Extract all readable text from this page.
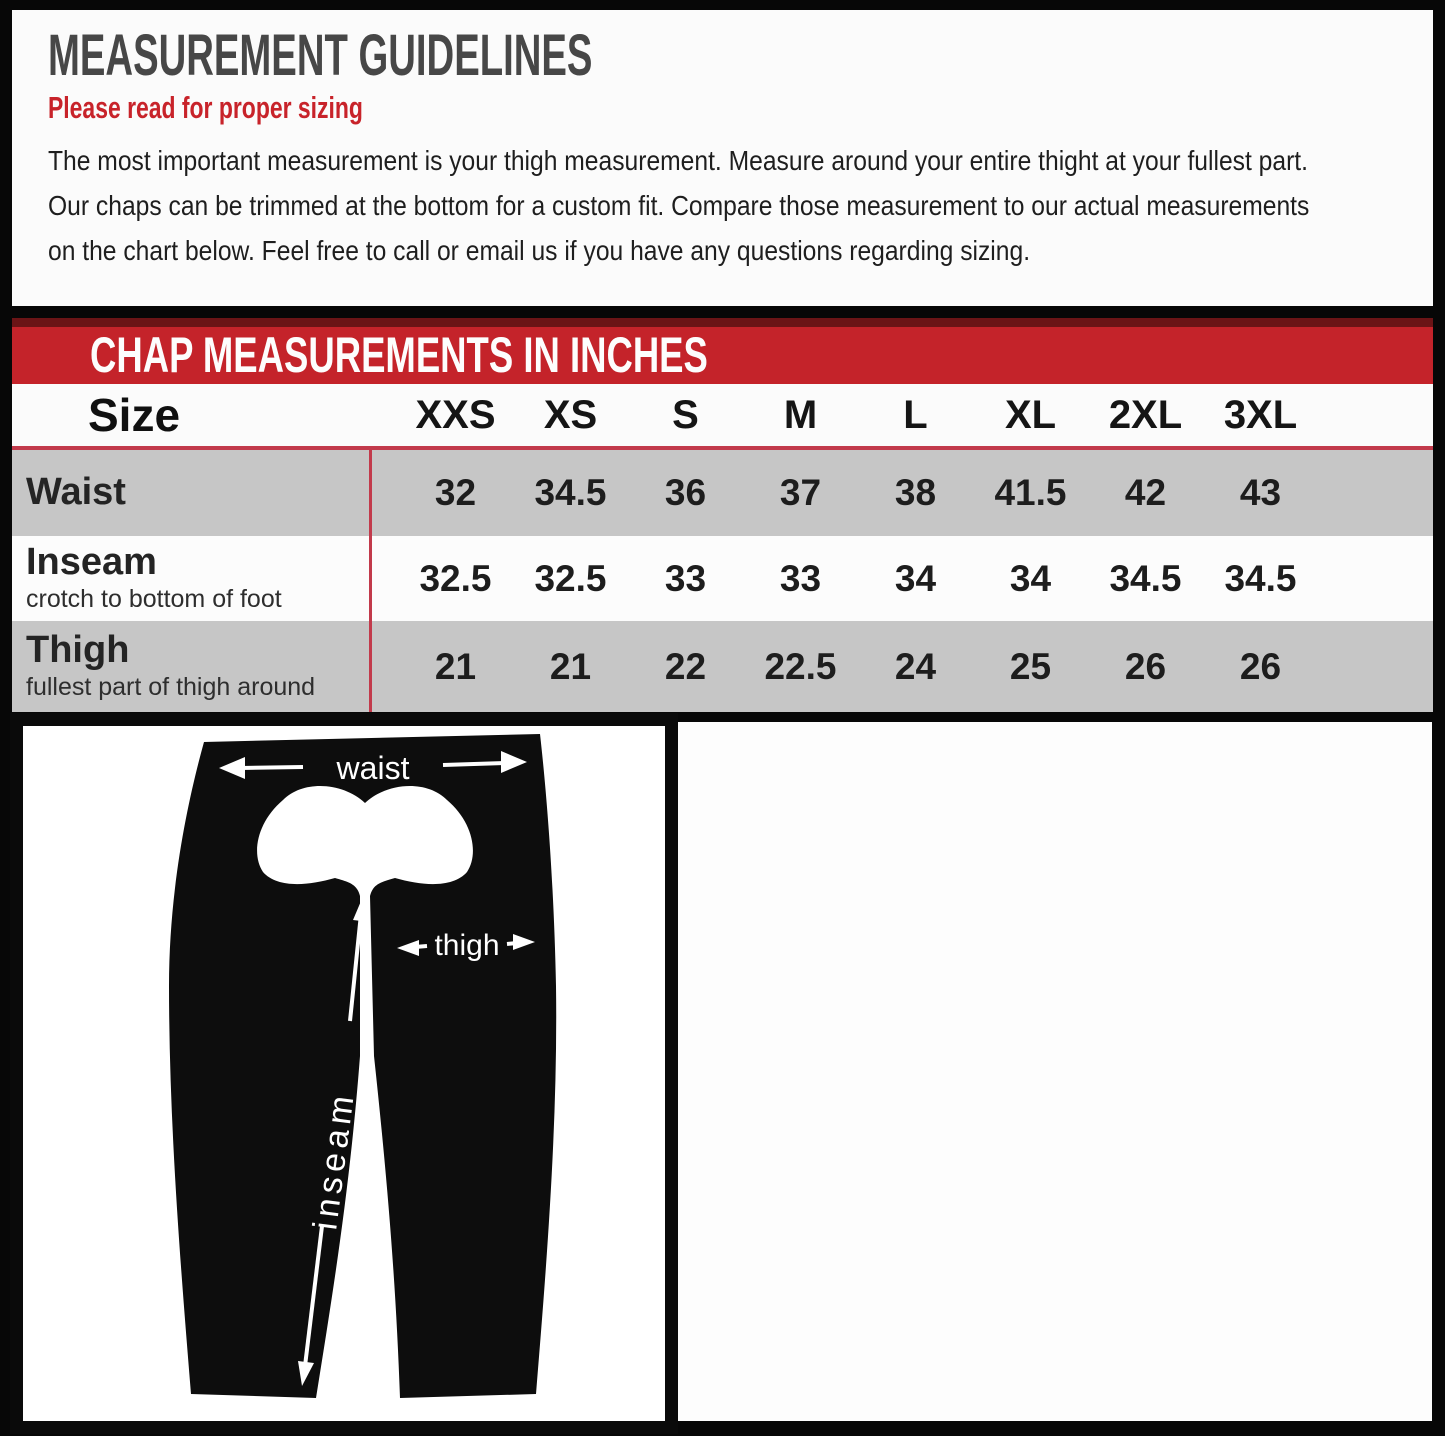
MEASUREMENT GUIDELINES
Please read for proper sizing
The most important measurement is your thigh measurement. Measure around your entire thight at your fullest part.
Our chaps can be trimmed at the bottom for a custom fit. Compare those measurement to our actual measurements
on the chart below. Feel free to call or email us if you have any questions regarding sizing.
CHAP MEASUREMENTS IN INCHES
Size	XXS	XS	S	M	L	XL	2XL	3XL
Waist	32	34.5	36	37	38	41.5	42	43
Inseam
crotch to bottom of foot
32.5	32.5	33	33	34	34	34.5	34.5
Thigh
fullest part of thigh around
21	21	22	22.5	24	25	26	26
waist
thigh
inseam
